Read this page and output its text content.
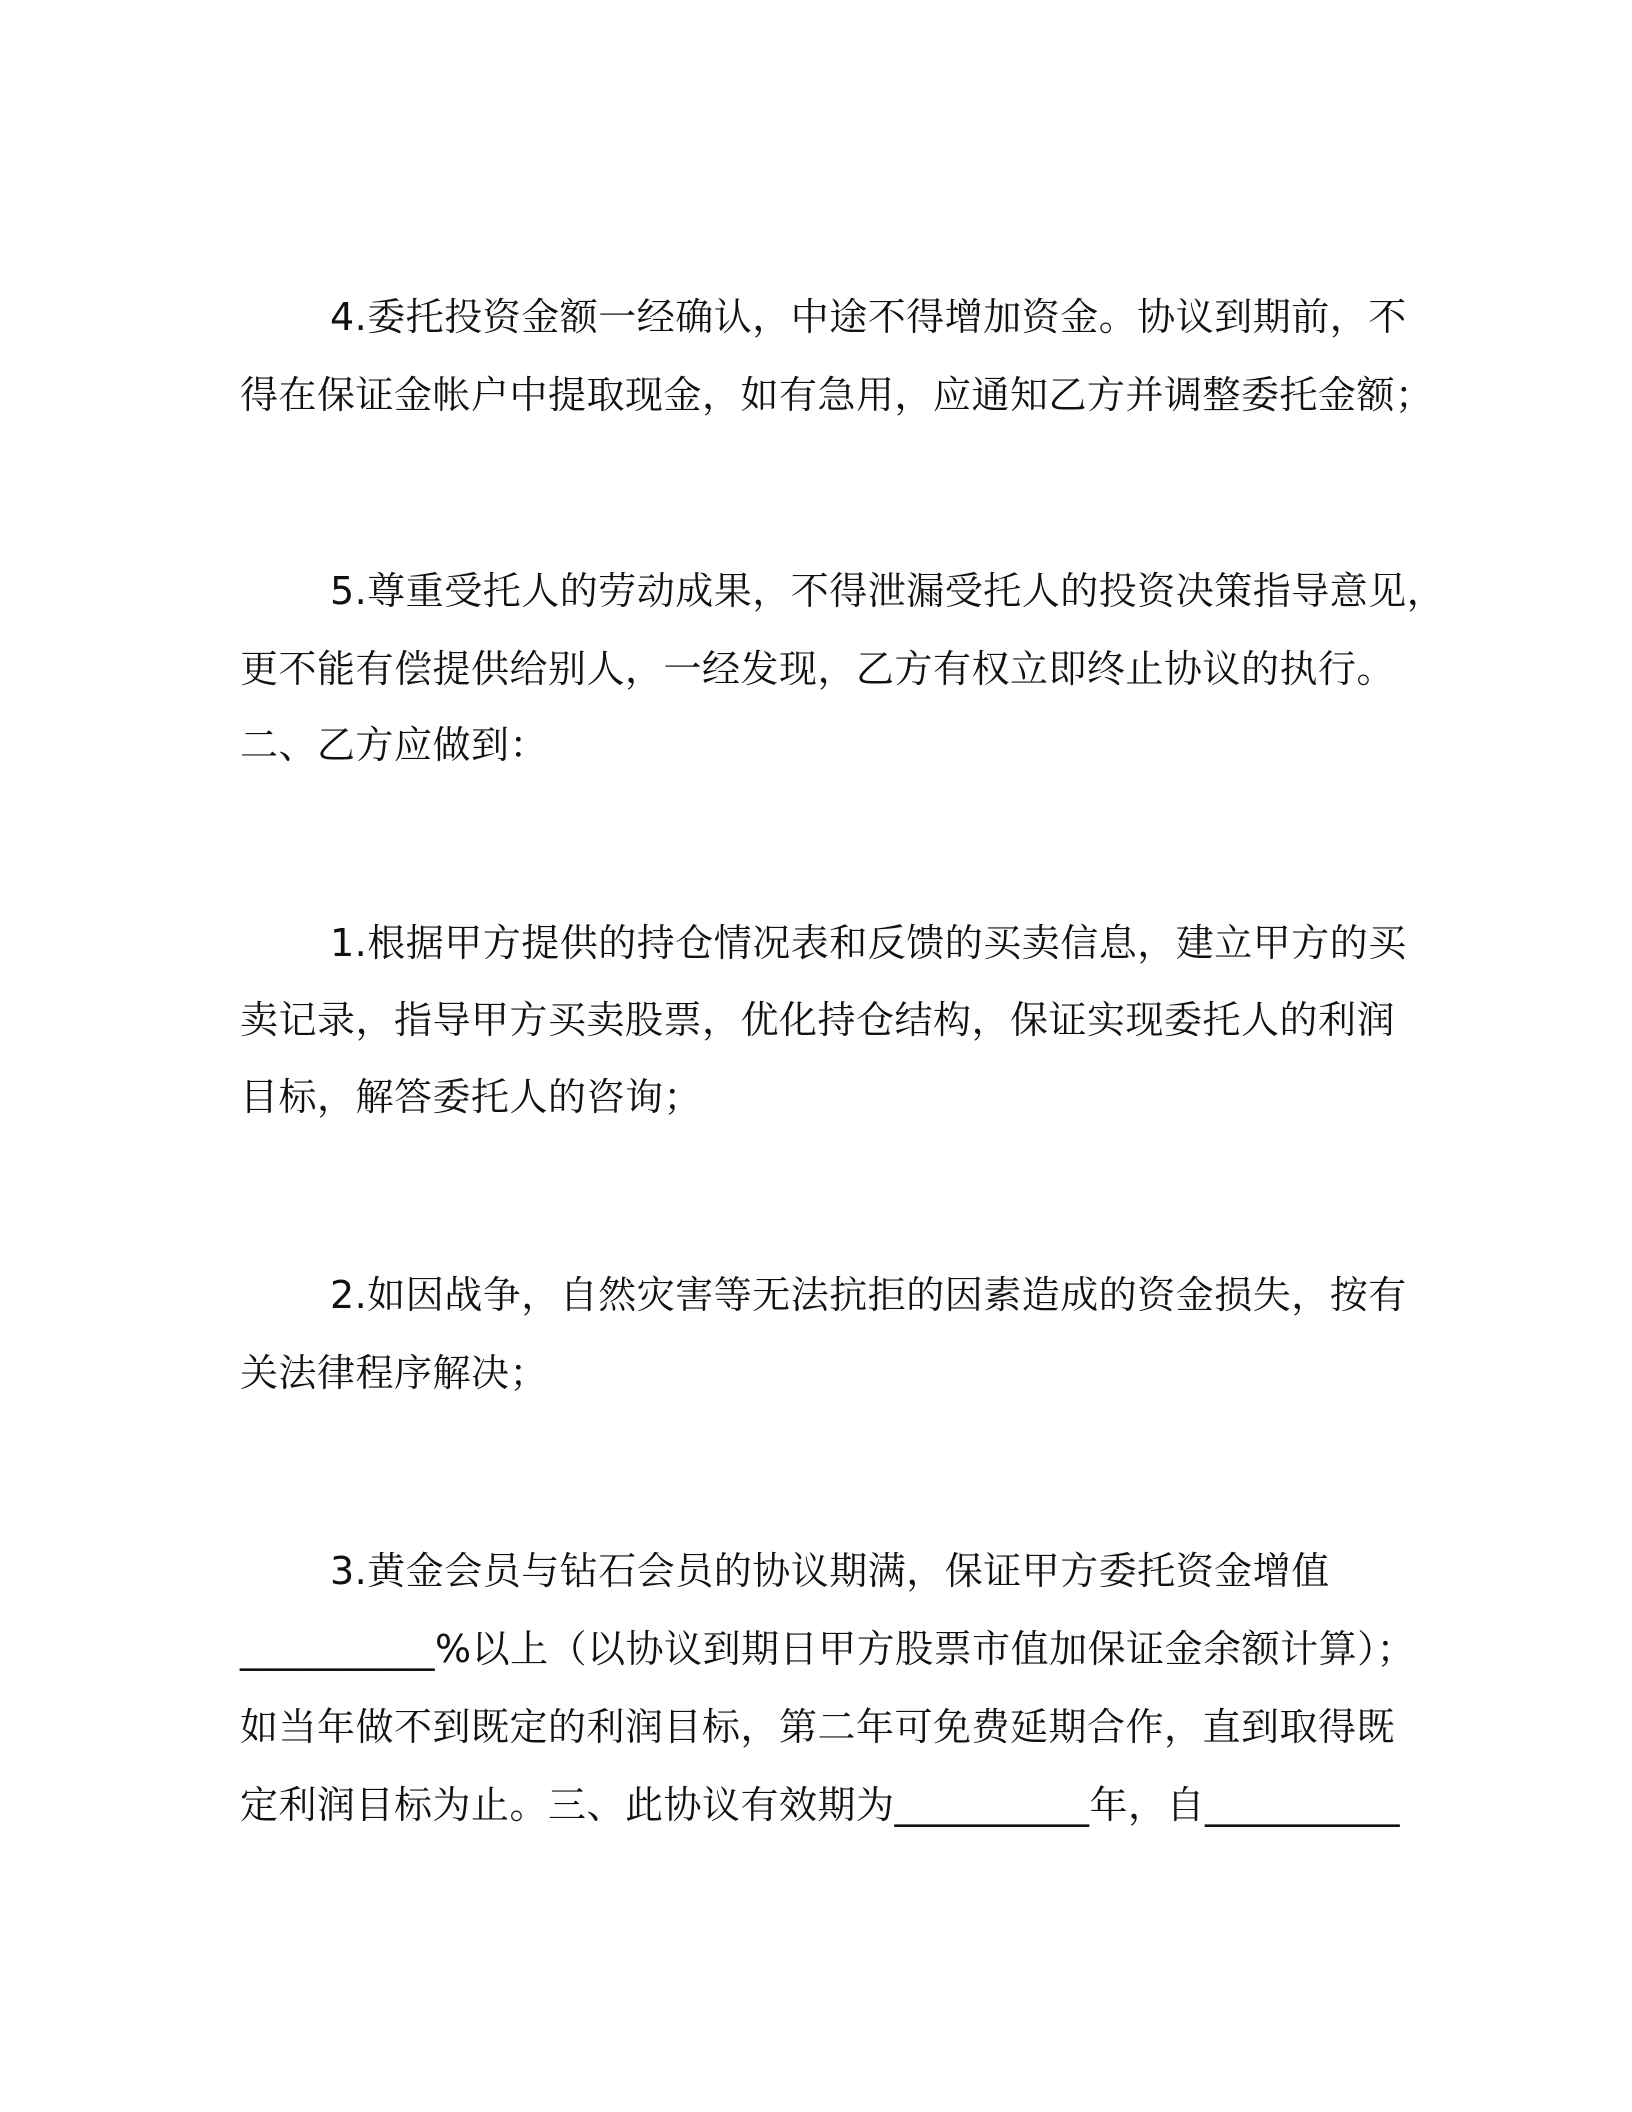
4.委托投资金额一经确认，中途不得增加资金。协议到期前，不
得在保证金帐户中提取现金，如有急用，应通知乙方并调整委托金额；
5.尊重受托人的劳动成果，不得泄漏受托人的投资决策指导意见，
更不能有偿提供给别人，一经发现，乙方有权立即终止协议的执行。
二、乙方应做到：
1.根据甲方提供的持仓情况表和反馈的买卖信息，建立甲方的买
卖记录，指导甲方买卖股票，优化持仓结构，保证实现委托人的利润
目标，解答委托人的咨询；
2.如因战争，自然灾害等无法抗拒的因素造成的资金损失，按有
关法律程序解决；
3.黄金会员与钻石会员的协议期满，保证甲方委托资金增值
__________%以上（以协议到期日甲方股票市值加保证金余额计算）；
如当年做不到既定的利润目标，第二年可免费延期合作，直到取得既
定利润目标为止。三、此协议有效期为__________年，自__________
